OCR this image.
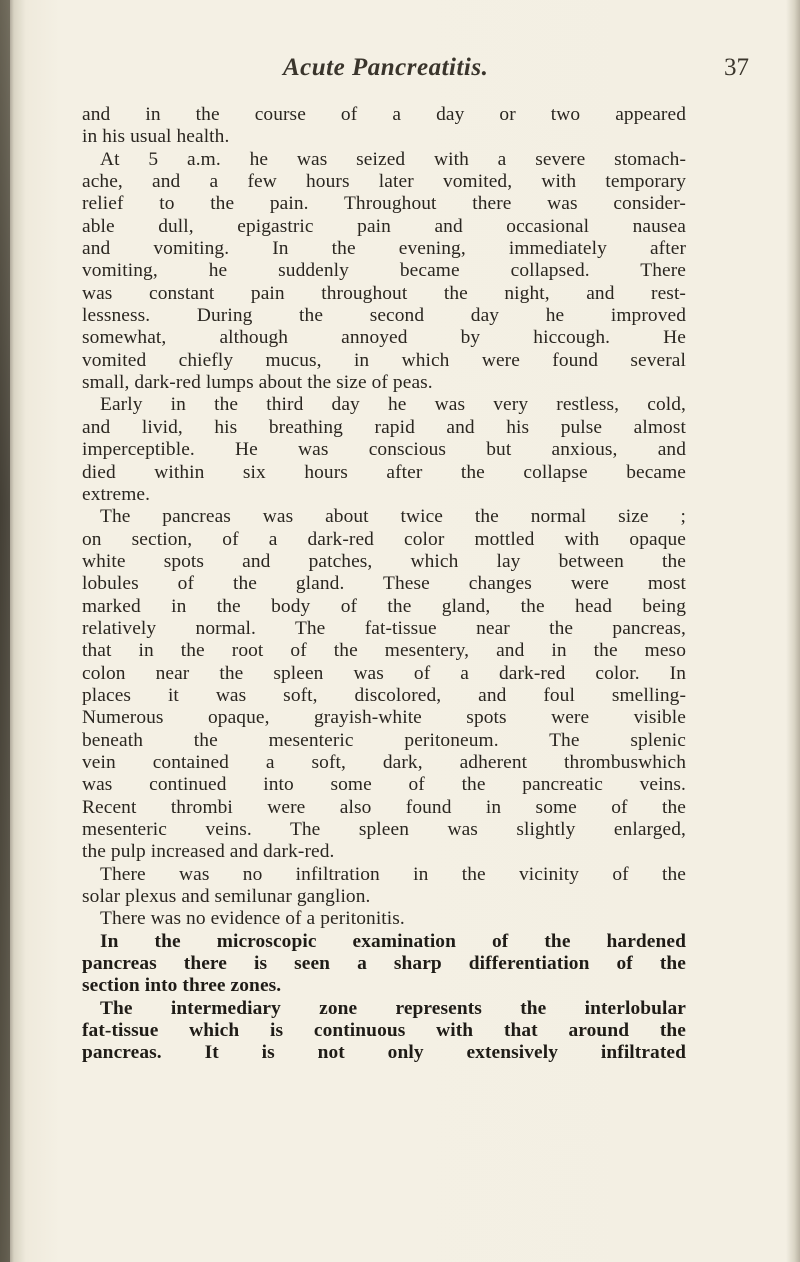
Acute Pancreatitis.	37
and in the course of a day or two appeared
in his usual health.
At 5 a.m. he was seized with a severe stomach-
ache, and a few hours later vomited, with temporary
relief to the pain. Throughout there was consider-
able dull, epigastric pain and occasional nausea
and vomiting. In the evening, immediately after
vomiting, he suddenly became collapsed. There
was constant pain throughout the night, and rest-
lessness. During the second day he improved
somewhat, although annoyed by hiccough. He
vomited chiefly mucus, in which were found several
small, dark-red lumps about the size of peas.
Early in the third day he was very restless, cold,
and livid, his breathing rapid and his pulse almost
imperceptible. He was conscious but anxious, and
died within six hours after the collapse became
extreme.
The pancreas was about twice the normal size ;
on section, of a dark-red color mottled with opaque
white spots and patches, which lay between the
lobules of the gland. These changes were most
marked in the body of the gland, the head being
relatively normal. The fat-tissue near the pancreas,
that in the root of the mesentery, and in the meso
colon near the spleen was of a dark-red color. In
places it was soft, discolored, and foul smelling-
Numerous opaque, grayish-white spots were visible
beneath the mesenteric peritoneum. The splenic
vein contained a soft, dark, adherent thrombuswhich
was continued into some of the pancreatic veins.
Recent thrombi were also found in some of the
mesenteric veins. The spleen was slightly enlarged,
the pulp increased and dark-red.
There was no infiltration in the vicinity of the
solar plexus and semilunar ganglion.
There was no evidence of a peritonitis.
In the microscopic examination of the hardened
pancreas there is seen a sharp differentiation of the
section into three zones.
The intermediary zone represents the interlobular
fat-tissue which is continuous with that around the
pancreas. It is not only extensively infiltrated
